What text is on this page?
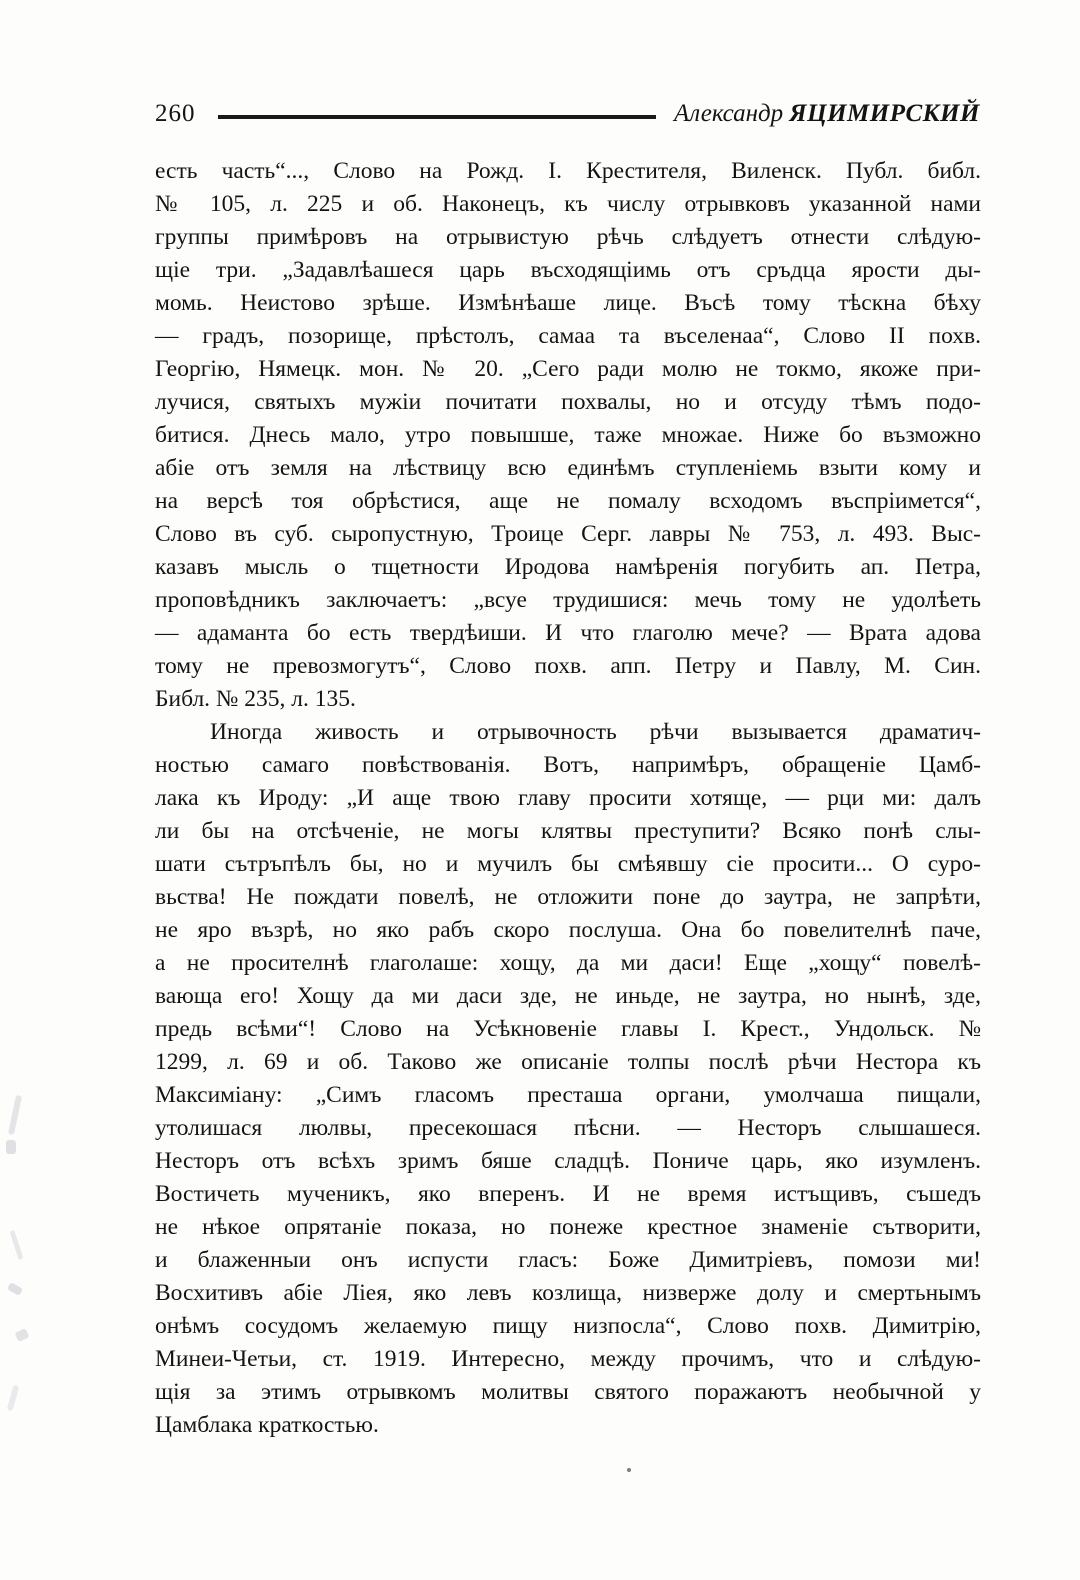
260	Александр ЯЦИМИРСКИЙ
есть часть“..., Слово на Рожд. I. Крестителя, Виленск. Публ. библ.
№ 105, л. 225 и об. Наконецъ, къ числу отрывковъ указанной нами
группы примѣровъ на отрывистую рѣчь слѣдуетъ отнести слѣдую-
щіе три. „Задавлѣашеся царь въсходящіимь отъ сръдца ярости ды-
момь. Неистово зрѣше. Измѣнѣаше лице. Въсѣ тому тѣскна бѣху
— градъ, позорище, прѣстолъ, самаа та въселенаа“, Слово II похв.
Георгію, Нямецк. мон. № 20. „Сего ради молю не токмо, якоже при-
лучися, святыхъ мужіи почитати похвалы, но и отсуду тѣмъ подо-
битися. Днесь мало, утро повышше, таже множае. Ниже бо възможно
абіе отъ земля на лѣствицу всю единѣмъ ступленіемь взыти кому и
на версѣ тоя обрѣстися, аще не помалу всходомъ въспріимется“,
Слово въ суб. сыропустную, Троице Серг. лавры № 753, л. 493. Выс-
казавъ мысль о тщетности Иродова намѣренія погубить ап. Петра,
проповѣдникъ заключаетъ: „всуе трудишися: мечь тому не удолѣеть
— адаманта бо есть твердѣиши. И что глаголю мече? — Врата адова
тому не превозмогутъ“, Слово похв. апп. Петру и Павлу, М. Син.
Библ. № 235, л. 135.
Иногда живость и отрывочность рѣчи вызывается драматич-
ностью самаго повѣствованія. Вотъ, напримѣръ, обращеніе Цамб-
лака къ Ироду: „И аще твою главу просити хотяще, — рци ми: далъ
ли бы на отсѣченіе, не могы клятвы преступити? Всяко понѣ слы-
шати сътръпѣлъ бы, но и мучилъ бы смѣявшу сіе просити... О суро-
вьства! Не пождати повелѣ, не отложити поне до заутра, не запрѣти,
не яро възрѣ, но яко рабъ скоро послуша. Она бо повелителнѣ паче,
а не просителнѣ глаголаше: хощу, да ми даси! Еще „хощу“ повелѣ-
вающа его! Хощу да ми даси зде, не иньде, не заутра, но нынѣ, зде,
предь всѣми“! Слово на Усѣкновеніе главы I. Крест., Ундольск. №
1299, л. 69 и об. Таково же описаніе толпы послѣ рѣчи Нестора къ
Максиміану: „Симъ гласомъ престаша органи, умолчаша пищали,
утолишася люлвы, пресекошася пѣсни. — Несторъ слышашеся.
Несторъ отъ всѣхъ зримъ бяше сладцѣ. Пониче царь, яко изумленъ.
Востичеть мученикъ, яко вперенъ. И не время истъщивъ, съшедъ
не нѣкое опрятаніе показа, но понеже крестное знаменіе сътворити,
и блаженныи онъ испусти гласъ: Боже Димитріевъ, помози ми!
Восхитивъ абіе Ліея, яко левъ козлища, низверже долу и смертьнымъ
онѣмъ сосудомъ желаемую пищу низпосла“, Слово похв. Димитрію,
Минеи-Четьи, ст. 1919. Интересно, между прочимъ, что и слѣдую-
щія за этимъ отрывкомъ молитвы святого поражаютъ необычной у
Цамблака краткостью.
